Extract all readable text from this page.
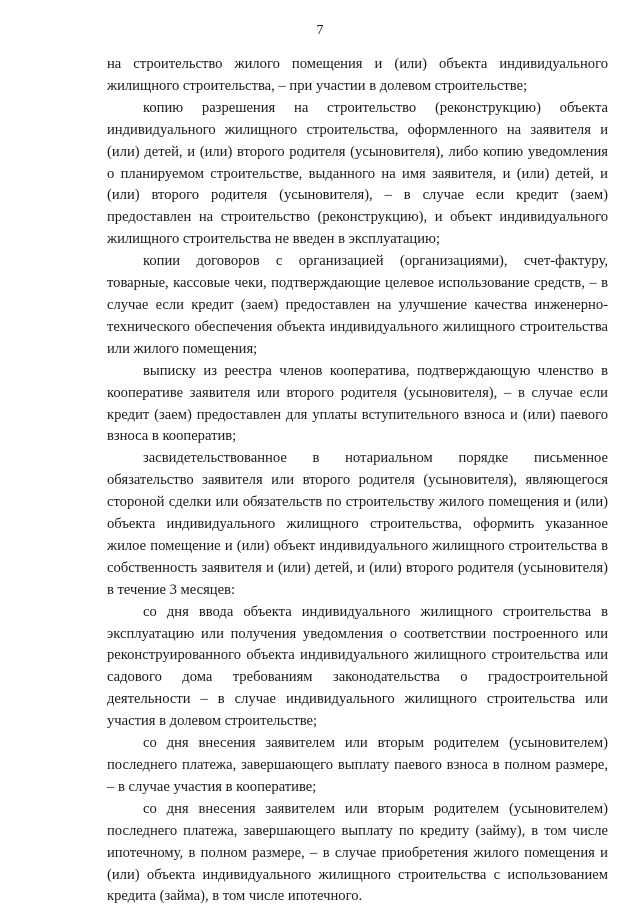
7

на строительство жилого помещения и (или) объекта индивидуального жилищного строительства, – при участии в долевом строительстве;

копию разрешения на строительство (реконструкцию) объекта индивидуального жилищного строительства, оформленного на заявителя и (или) детей, и (или) второго родителя (усыновителя), либо копию уведомления о планируемом строительстве, выданного на имя заявителя, и (или) детей, и (или) второго родителя (усыновителя), – в случае если кредит (заем) предоставлен на строительство (реконструкцию), и объект индивидуального жилищного строительства не введен в эксплуатацию;

копии договоров с организацией (организациями), счет-фактуру, товарные, кассовые чеки, подтверждающие целевое использование средств, – в случае если кредит (заем) предоставлен на улучшение качества инженерно-технического обеспечения объекта индивидуального жилищного строительства или жилого помещения;

выписку из реестра членов кооператива, подтверждающую членство в кооперативе заявителя или второго родителя (усыновителя), – в случае если кредит (заем) предоставлен для уплаты вступительного взноса и (или) паевого взноса в кооператив;

засвидетельствованное в нотариальном порядке письменное обязательство заявителя или второго родителя (усыновителя), являющегося стороной сделки или обязательств по строительству жилого помещения и (или) объекта индивидуального жилищного строительства, оформить указанное жилое помещение и (или) объект индивидуального жилищного строительства в собственность заявителя и (или) детей, и (или) второго родителя (усыновителя) в течение 3 месяцев:

со дня ввода объекта индивидуального жилищного строительства в эксплуатацию или получения уведомления о соответствии построенного или реконструированного объекта индивидуального жилищного строительства или садового дома требованиям законодательства о градостроительной деятельности – в случае индивидуального жилищного строительства или участия в долевом строительстве;

со дня внесения заявителем или вторым родителем (усыновителем) последнего платежа, завершающего выплату паевого взноса в полном размере, – в случае участия в кооперативе;

со дня внесения заявителем или вторым родителем (усыновителем) последнего платежа, завершающего выплату по кредиту (займу), в том числе ипотечному, в полном размере, – в случае приобретения жилого помещения и (или) объекта индивидуального жилищного строительства с использованием кредита (займа), в том числе ипотечного.
